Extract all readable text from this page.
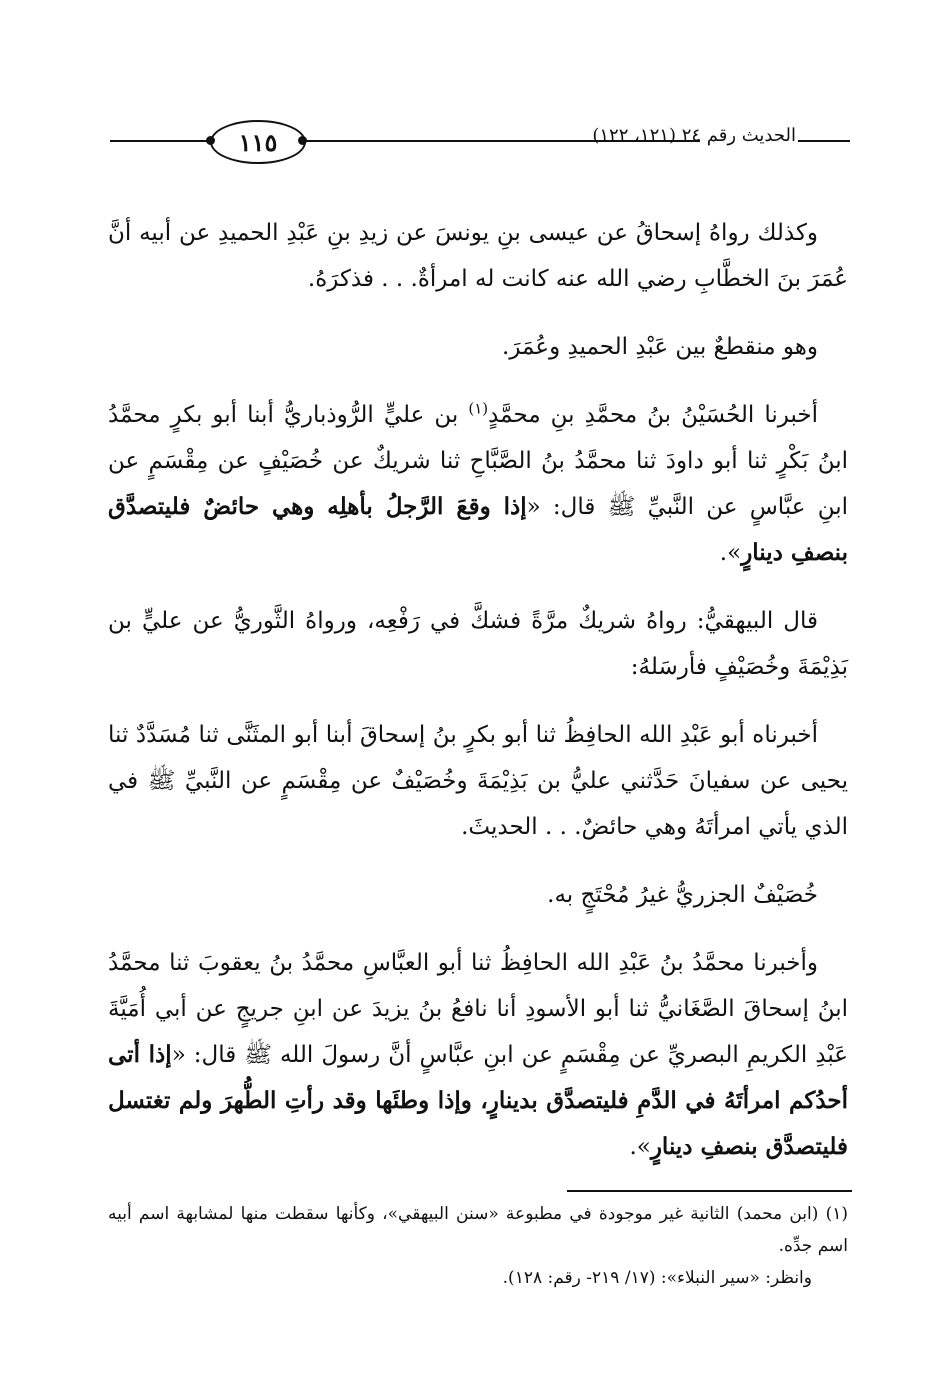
١١٥	الحديث رقم ٢٤ (١٢١، ١٢٢)

وكذلك رواهُ إسحاقُ عن عيسى بنِ يونسَ عن زيدِ بنِ عَبْدِ الحميدِ عن أبيه أنَّ عُمَرَ بنَ الخطَّابِ رضي الله عنه كانت له امرأةٌ. . . فذكرَهُ.

وهو منقطعٌ بين عَبْدِ الحميدِ وعُمَرَ.

أخبرنا الحُسَيْنُ بنُ محمَّدِ بنِ محمَّدٍ$^{(١)}$ بن عليٍّ الرُّوذباريُّ أبنا أبو بكرٍ محمَّدُ ابنُ بَكْرٍ ثنا أبو داودَ ثنا محمَّدُ بنُ الصَّبَّاحِ ثنا شريكٌ عن خُصَيْفٍ عن مِقْسَمٍ عن ابنِ عبَّاسٍ عن النَّبيِّ ﷺ قال: «إذا وقعَ الرَّجلُ بأهلِه وهي حائضٌ فليتصدَّق بنصفِ دينارٍ».

قال البيهقيُّ: رواهُ شريكٌ مرَّةً فشكَّ في رَفْعِه، ورواهُ الثَّوريُّ عن عليٍّ بن بَذِيْمَةَ وخُصَيْفٍ فأرسَلهُ:

أخبرناه أبو عَبْدِ الله الحافِظُ ثنا أبو بكرٍ بنُ إسحاقَ أبنا أبو المثَنَّى ثنا مُسَدَّدٌ ثنا يحيى عن سفيانَ حَدَّثني عليُّ بن بَذِيْمَةَ وخُصَيْفٌ عن مِقْسَمٍ عن النَّبيِّ ﷺ في الذي يأتي امرأتَهُ وهي حائضٌ. . . الحديثَ.

خُصَيْفٌ الجزريُّ غيرُ مُحْتَجٍ به.

وأخبرنا محمَّدُ بنُ عَبْدِ الله الحافِظُ ثنا أبو العبَّاسِ محمَّدُ بنُ يعقوبَ ثنا محمَّدُ ابنُ إسحاقَ الصَّغَانيُّ ثنا أبو الأسودِ أنا نافعُ بنُ يزيدَ عن ابنِ جريجٍ عن أبي أُمَيَّةَ عَبْدِ الكريمِ البصريِّ عن مِقْسَمٍ عن ابنِ عبَّاسٍ أنَّ رسولَ الله ﷺ قال: «إذا أتى أحدُكم امرأتَهُ في الدَّمِ فليتصدَّق بدينارٍ، وإذا وطئَها وقد رأتِ الطُّهرَ ولم تغتسل فليتصدَّق بنصفِ دينارٍ».

(١) (ابن محمد) الثانية غير موجودة في مطبوعة «سنن البيهقي»، وكأنها سقطت منها لمشابهة اسم أبيه اسم جدِّه.

وانظر: «سير النبلاء»: (١٧/ ٢١٩- رقم: ١٢٨).
